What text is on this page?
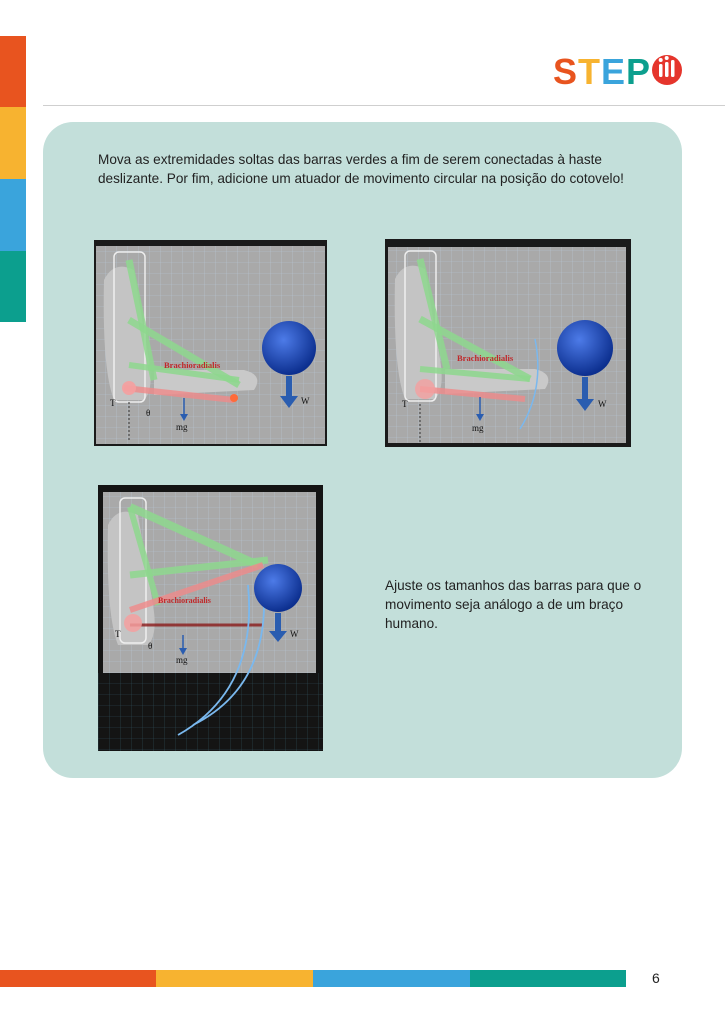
STEP

Mova as extremidades soltas das barras verdes a fim de serem conectadas à haste deslizante. Por fim, adicione um atuador de movimento circular na posição do cotovelo!

Brachioradialis
T
θ
mg
W
Brachioradialis
T
mg
W
Brachioradialis
T
θ
mg
W

Ajuste os tamanhos das barras para que o movimento seja análogo a de um braço humano.

6
